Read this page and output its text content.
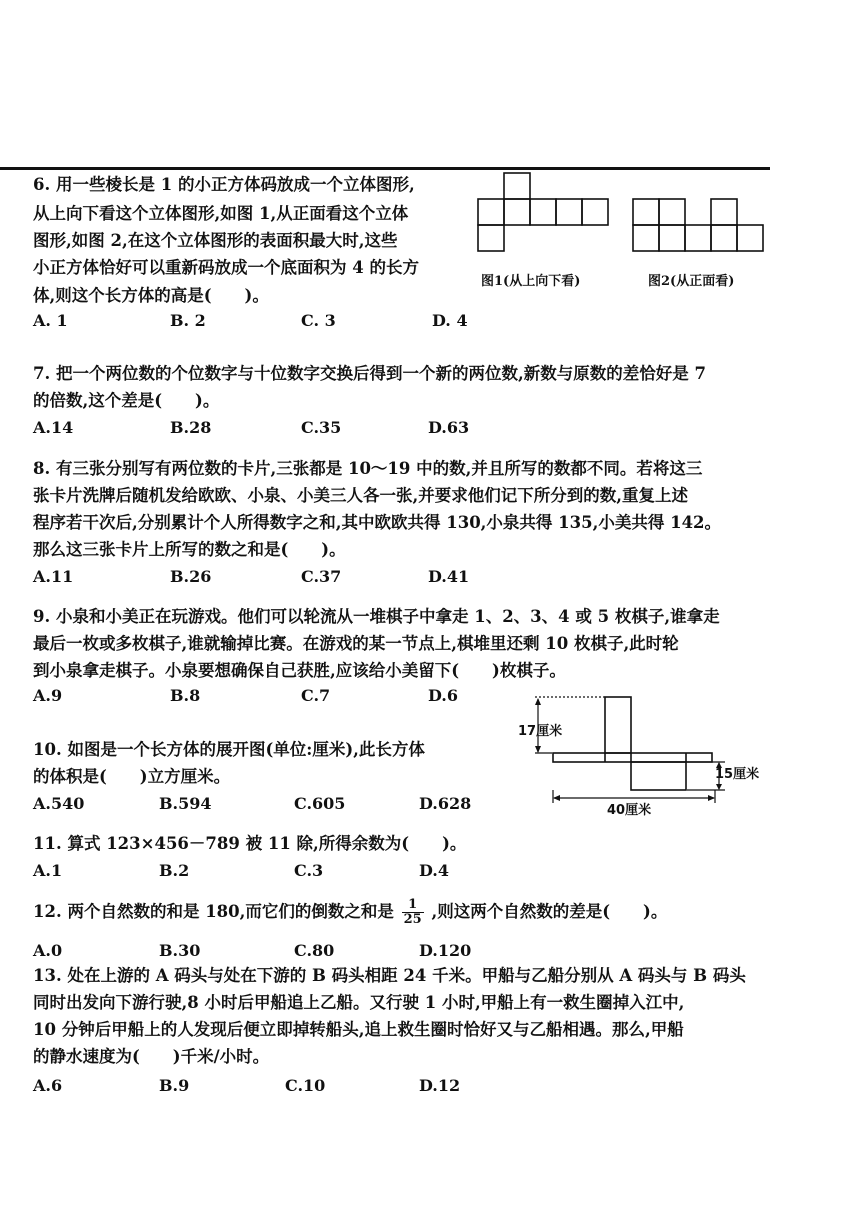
6. 用一些棱长是 1 的小正方体码放成一个立体图形,
从上向下看这个立体图形,如图 1,从正面看这个立体
图形,如图 2,在这个立体图形的表面积最大时,这些
小正方体恰好可以重新码放成一个底面积为 4 的长方
体,则这个长方体的高是(　　)。
A. 1	B. 2	C. 3	D. 4
图1(从上向下看)	图2(从正面看)
7. 把一个两位数的个位数字与十位数字交换后得到一个新的两位数,新数与原数的差恰好是 7
的倍数,这个差是(　　)。
A.14	B.28	C.35	D.63
8. 有三张分别写有两位数的卡片,三张都是 10～19 中的数,并且所写的数都不同。若将这三
张卡片洗牌后随机发给欧欧、小泉、小美三人各一张,并要求他们记下所分到的数,重复上述
程序若干次后,分别累计个人所得数字之和,其中欧欧共得 130,小泉共得 135,小美共得 142。
那么这三张卡片上所写的数之和是(　　)。
A.11	B.26	C.37	D.41
9. 小泉和小美正在玩游戏。他们可以轮流从一堆棋子中拿走 1、2、3、4 或 5 枚棋子,谁拿走
最后一枚或多枚棋子,谁就输掉比赛。在游戏的某一节点上,棋堆里还剩 10 枚棋子,此时轮
到小泉拿走棋子。小泉要想确保自己获胜,应该给小美留下(　　)枚棋子。
A.9	B.8	C.7	D.6
10. 如图是一个长方体的展开图(单位:厘米),此长方体
的体积是(　　)立方厘米。
A.540	B.594	C.605	D.628
17厘米
15厘米
40厘米
11. 算式 123×456－789 被 11 除,所得余数为(　　)。
A.1	B.2	C.3	D.4
12. 两个自然数的和是 180,而它们的倒数之和是 $\frac{1}{25}$ ,则这两个自然数的差是(　　)。
A.0	B.30	C.80	D.120
13. 处在上游的 A 码头与处在下游的 B 码头相距 24 千米。甲船与乙船分别从 A 码头与 B 码头
同时出发向下游行驶,8 小时后甲船追上乙船。又行驶 1 小时,甲船上有一救生圈掉入江中,
10 分钟后甲船上的人发现后便立即掉转船头,追上救生圈时恰好又与乙船相遇。那么,甲船
的静水速度为(　　)千米/小时。
A.6	B.9	C.10	D.12
